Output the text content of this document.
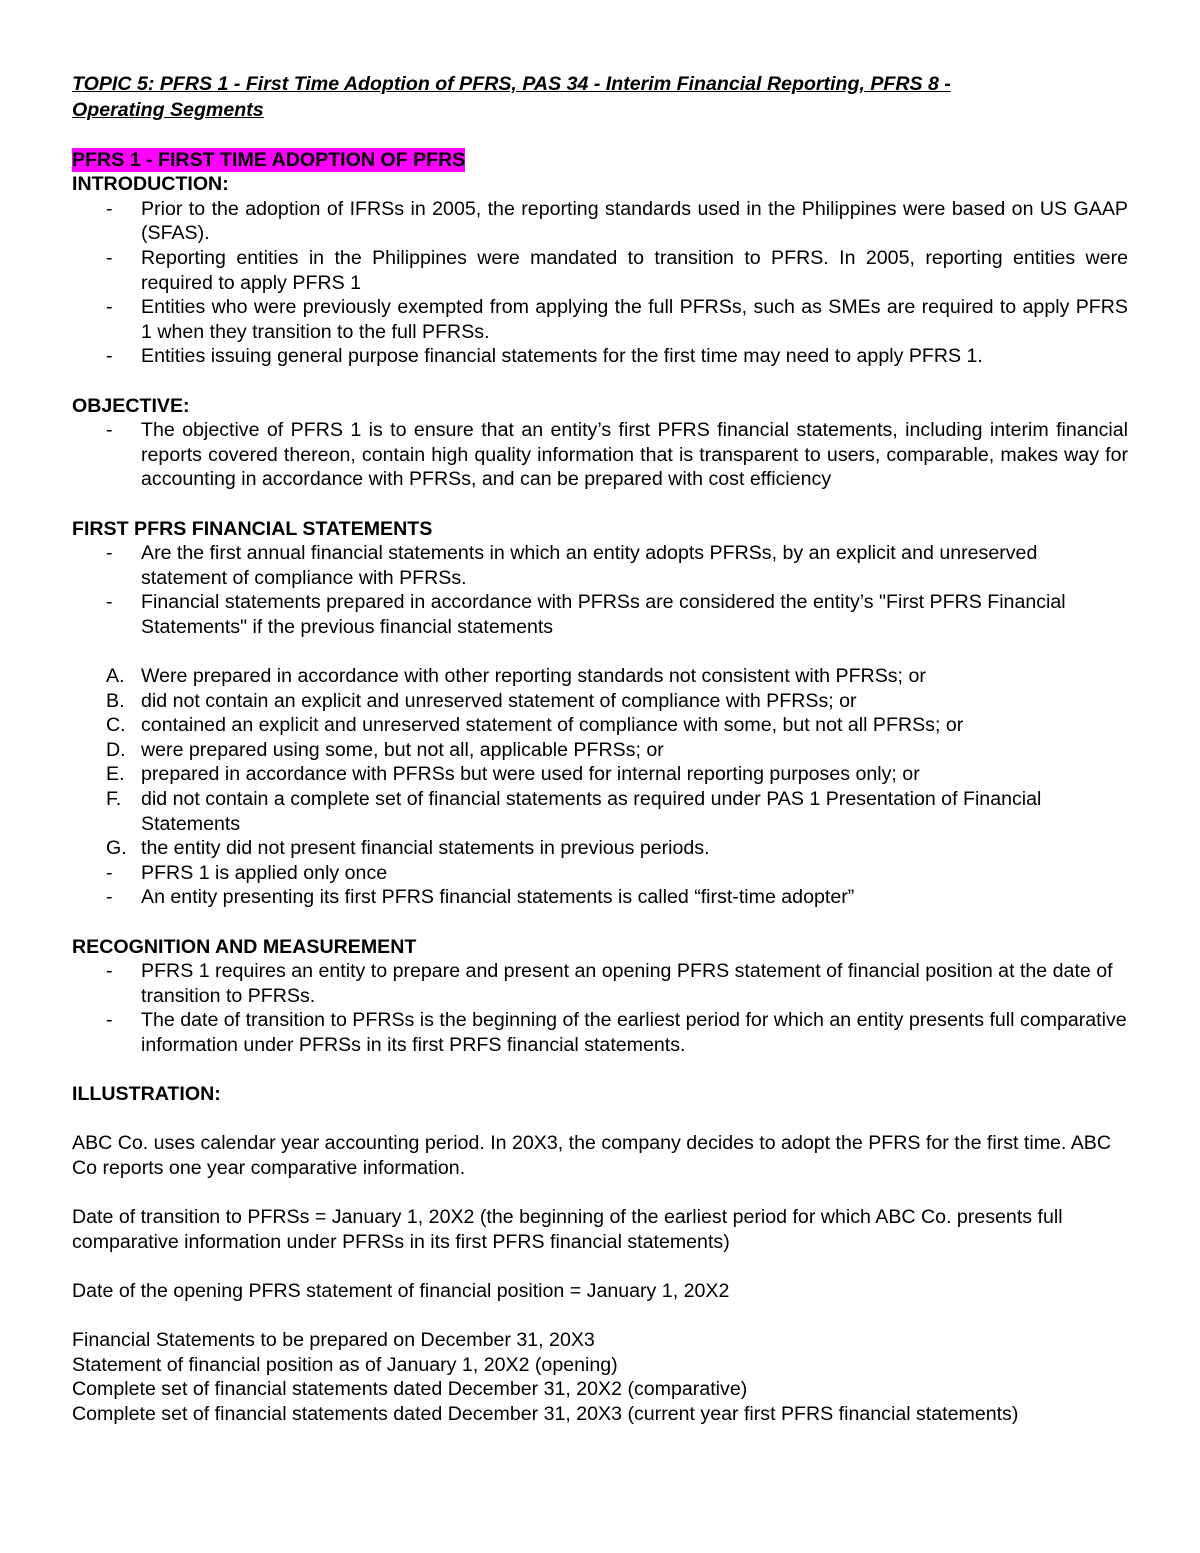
TOPIC 5: PFRS 1 - First Time Adoption of PFRS, PAS 34 - Interim Financial Reporting, PFRS 8 -
Operating Segments

PFRS 1 - FIRST TIME ADOPTION OF PFRS

INTRODUCTION:

-	Prior to the adoption of IFRSs in 2005, the reporting standards used in the Philippines were based on US GAAP (SFAS).
-	Reporting entities in the Philippines were mandated to transition to PFRS. In 2005, reporting entities were required to apply PFRS 1
-	Entities who were previously exempted from applying the full PFRSs, such as SMEs are required to apply PFRS 1 when they transition to the full PFRSs.
-	Entities issuing general purpose financial statements for the first time may need to apply PFRS 1.

OBJECTIVE:

-	The objective of PFRS 1 is to ensure that an entity’s first PFRS financial statements, including interim financial reports covered thereon, contain high quality information that is transparent to users, comparable, makes way for accounting in accordance with PFRSs, and can be prepared with cost efficiency

FIRST PFRS FINANCIAL STATEMENTS

-	Are the first annual financial statements in which an entity adopts PFRSs, by an explicit and unreserved statement of compliance with PFRSs.
-	Financial statements prepared in accordance with PFRSs are considered the entity’s "First PFRS Financial Statements" if the previous financial statements
A. Were prepared in accordance with other reporting standards not consistent with PFRSs; or
B. did not contain an explicit and unreserved statement of compliance with PFRSs; or
C. contained an explicit and unreserved statement of compliance with some, but not all PFRSs; or
D. were prepared using some, but not all, applicable PFRSs; or
E. prepared in accordance with PFRSs but were used for internal reporting purposes only; or
F.	did not contain a complete set of financial statements as required under PAS 1 Presentation of Financial Statements
G. the entity did not present financial statements in previous periods.
-	PFRS 1 is applied only once
-	An entity presenting its first PFRS financial statements is called “first-time adopter”

RECOGNITION AND MEASUREMENT

-	PFRS 1 requires an entity to prepare and present an opening PFRS statement of financial position at the date of transition to PFRSs.
-	The date of transition to PFRSs is the beginning of the earliest period for which an entity presents full comparative information under PFRSs in its first PRFS financial statements.

ILLUSTRATION:

ABC Co. uses calendar year accounting period. In 20X3, the company decides to adopt the PFRS for the first time. ABC Co reports one year comparative information.

Date of transition to PFRSs = January 1, 20X2 (the beginning of the earliest period for which ABC Co. presents full comparative information under PFRSs in its first PFRS financial statements)

Date of the opening PFRS statement of financial position = January 1, 20X2

Financial Statements to be prepared on December 31, 20X3

Statement of financial position as of January 1, 20X2 (opening)

Complete set of financial statements dated December 31, 20X2 (comparative)

Complete set of financial statements dated December 31, 20X3 (current year first PFRS financial statements)
